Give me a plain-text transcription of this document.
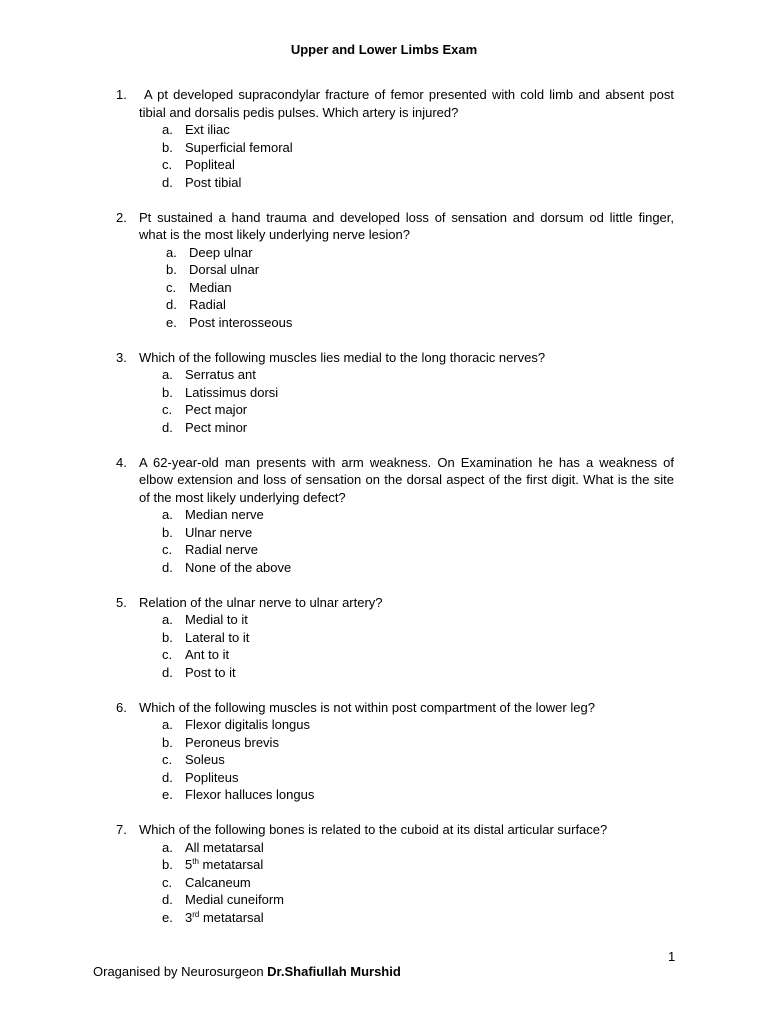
Upper and Lower Limbs Exam
1.	A pt developed supracondylar fracture of femor presented with cold limb and absent post tibial and dorsalis pedis pulses. Which artery is injured?
a. Ext iliac
b. Superficial femoral
c. Popliteal
d. Post tibial
2. Pt sustained a hand trauma and developed loss of sensation and dorsum od little finger, what is the most likely underlying nerve lesion?
a. Deep ulnar
b. Dorsal ulnar
c. Median
d. Radial
e. Post interosseous
3. Which of the following muscles lies medial to the long thoracic nerves?
a. Serratus ant
b. Latissimus dorsi
c. Pect major
d. Pect minor
4. A 62-year-old man presents with arm weakness. On Examination he has a weakness of elbow extension and loss of sensation on the dorsal aspect of the first digit. What is the site of the most likely underlying defect?
a. Median nerve
b. Ulnar nerve
c. Radial nerve
d. None of the above
5. Relation of the ulnar nerve to ulnar artery?
a. Medial to it
b. Lateral to it
c. Ant to it
d. Post to it
6. Which of the following muscles is not within post compartment of the lower leg?
a. Flexor digitalis longus
b. Peroneus brevis
c. Soleus
d. Popliteus
e. Flexor halluces longus
7. Which of the following bones is related to the cuboid at its distal articular surface?
a. All metatarsal
b. 5th metatarsal
c. Calcaneum
d. Medial cuneiform
e. 3rd metatarsal
1
Oraganised by Neurosurgeon Dr.Shafiullah Murshid
